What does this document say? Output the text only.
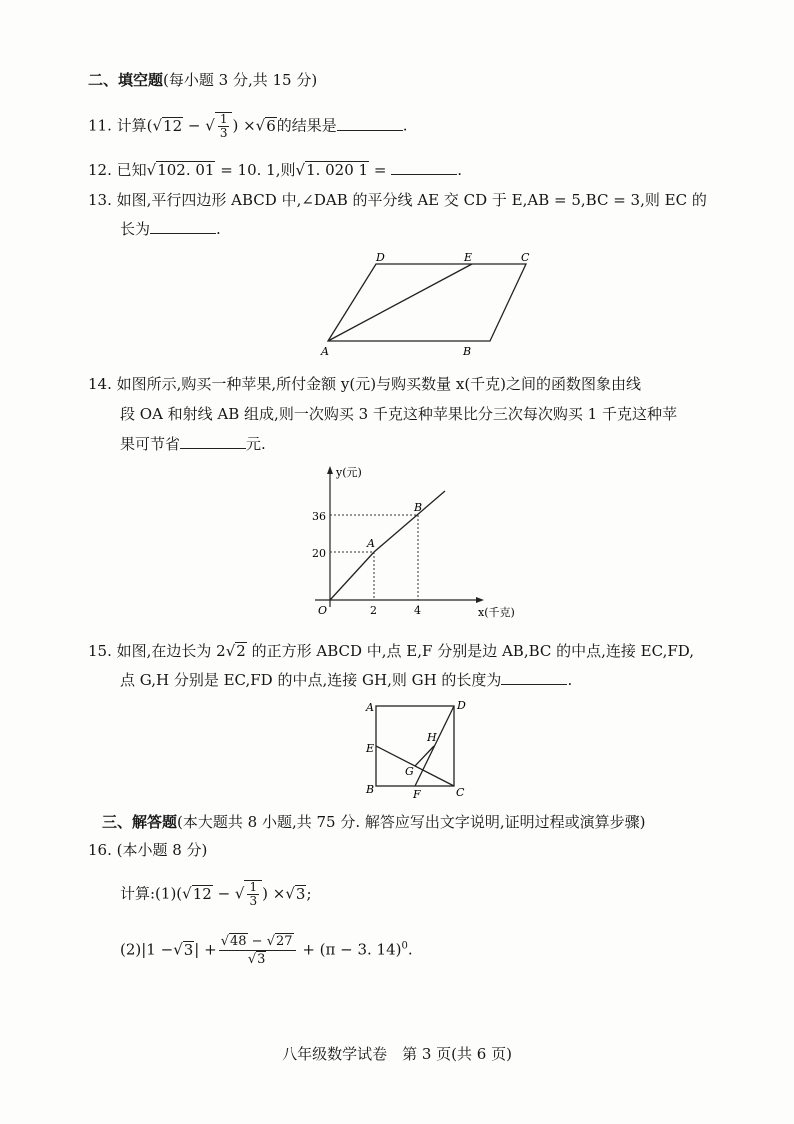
二、填空题(每小题 3 分,共 15 分)
11. 计算(√12 − √ $\frac{1}{3}$ ) ×√6的结果是	.
12. 已知√102. 01 = 10. 1,则√1. 020 1 =	.
13. 如图,平行四边形 ABCD 中,∠DAB 的平分线 AE 交 CD 于 E,AB = 5,BC = 3,则 EC 的
长为	.
A	B
C
D	E
14. 如图所示,购买一种苹果,所付金额 y(元)与购买数量 x(千克)之间的函数图象由线
段 OA 和射线 AB 组成,则一次购买 3 千克这种苹果比分三次每次购买 1 千克这种苹
果可节省	元.
y(元)
x(千克)
O
36
20
2	4
A
B
15. 如图,在边长为 2√2 的正方形 ABCD 中,点 E,F 分别是边 AB,BC 的中点,连接 EC,FD,
点 G,H 分别是 EC,FD 的中点,连接 GH,则 GH 的长度为	.
A
B	C
D
E
F
G
H
三、解答题(本大题共 8 小题,共 75 分. 解答应写出文字说明,证明过程或演算步骤)
16. (本小题 8 分)
计算:(1)(√12 − √ $\frac{1}{3}$ ) ×√3;
$(2)|1 -√3| + \frac{√48 - √27}{√3} + (\pi - 3$. 14)$^0$.
八年级数学试卷　第 3 页(共 6 页)
